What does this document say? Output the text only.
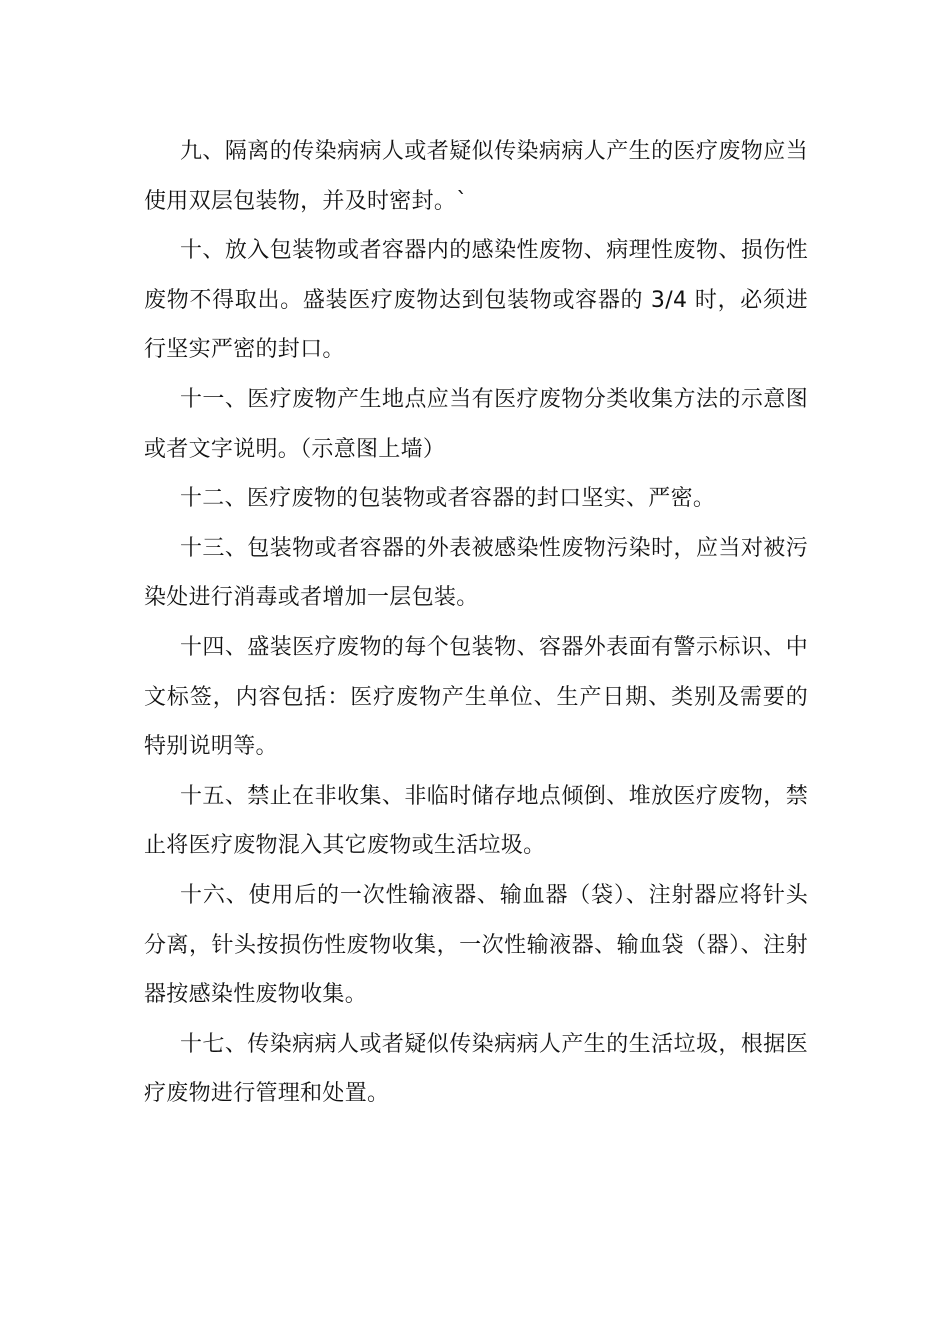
九、隔离的传染病病人或者疑似传染病病人产生的医疗废物应当使用双层包装物，并及时密封。`

十、放入包装物或者容器内的感染性废物、病理性废物、损伤性废物不得取出。盛装医疗废物达到包装物或容器的 3/4 时，必须进行坚实严密的封口。

十一、医疗废物产生地点应当有医疗废物分类收集方法的示意图或者文字说明。（示意图上墙）

十二、医疗废物的包装物或者容器的封口坚实、严密。

十三、包装物或者容器的外表被感染性废物污染时，应当对被污染处进行消毒或者增加一层包装。

十四、盛装医疗废物的每个包装物、容器外表面有警示标识、中文标签，内容包括：医疗废物产生单位、生产日期、类别及需要的特别说明等。

十五、禁止在非收集、非临时储存地点倾倒、堆放医疗废物，禁止将医疗废物混入其它废物或生活垃圾。

十六、使用后的一次性输液器、输血器（袋）、注射器应将针头分离，针头按损伤性废物收集，一次性输液器、输血袋（器）、注射器按感染性废物收集。

十七、传染病病人或者疑似传染病病人产生的生活垃圾，根据医疗废物进行管理和处置。
